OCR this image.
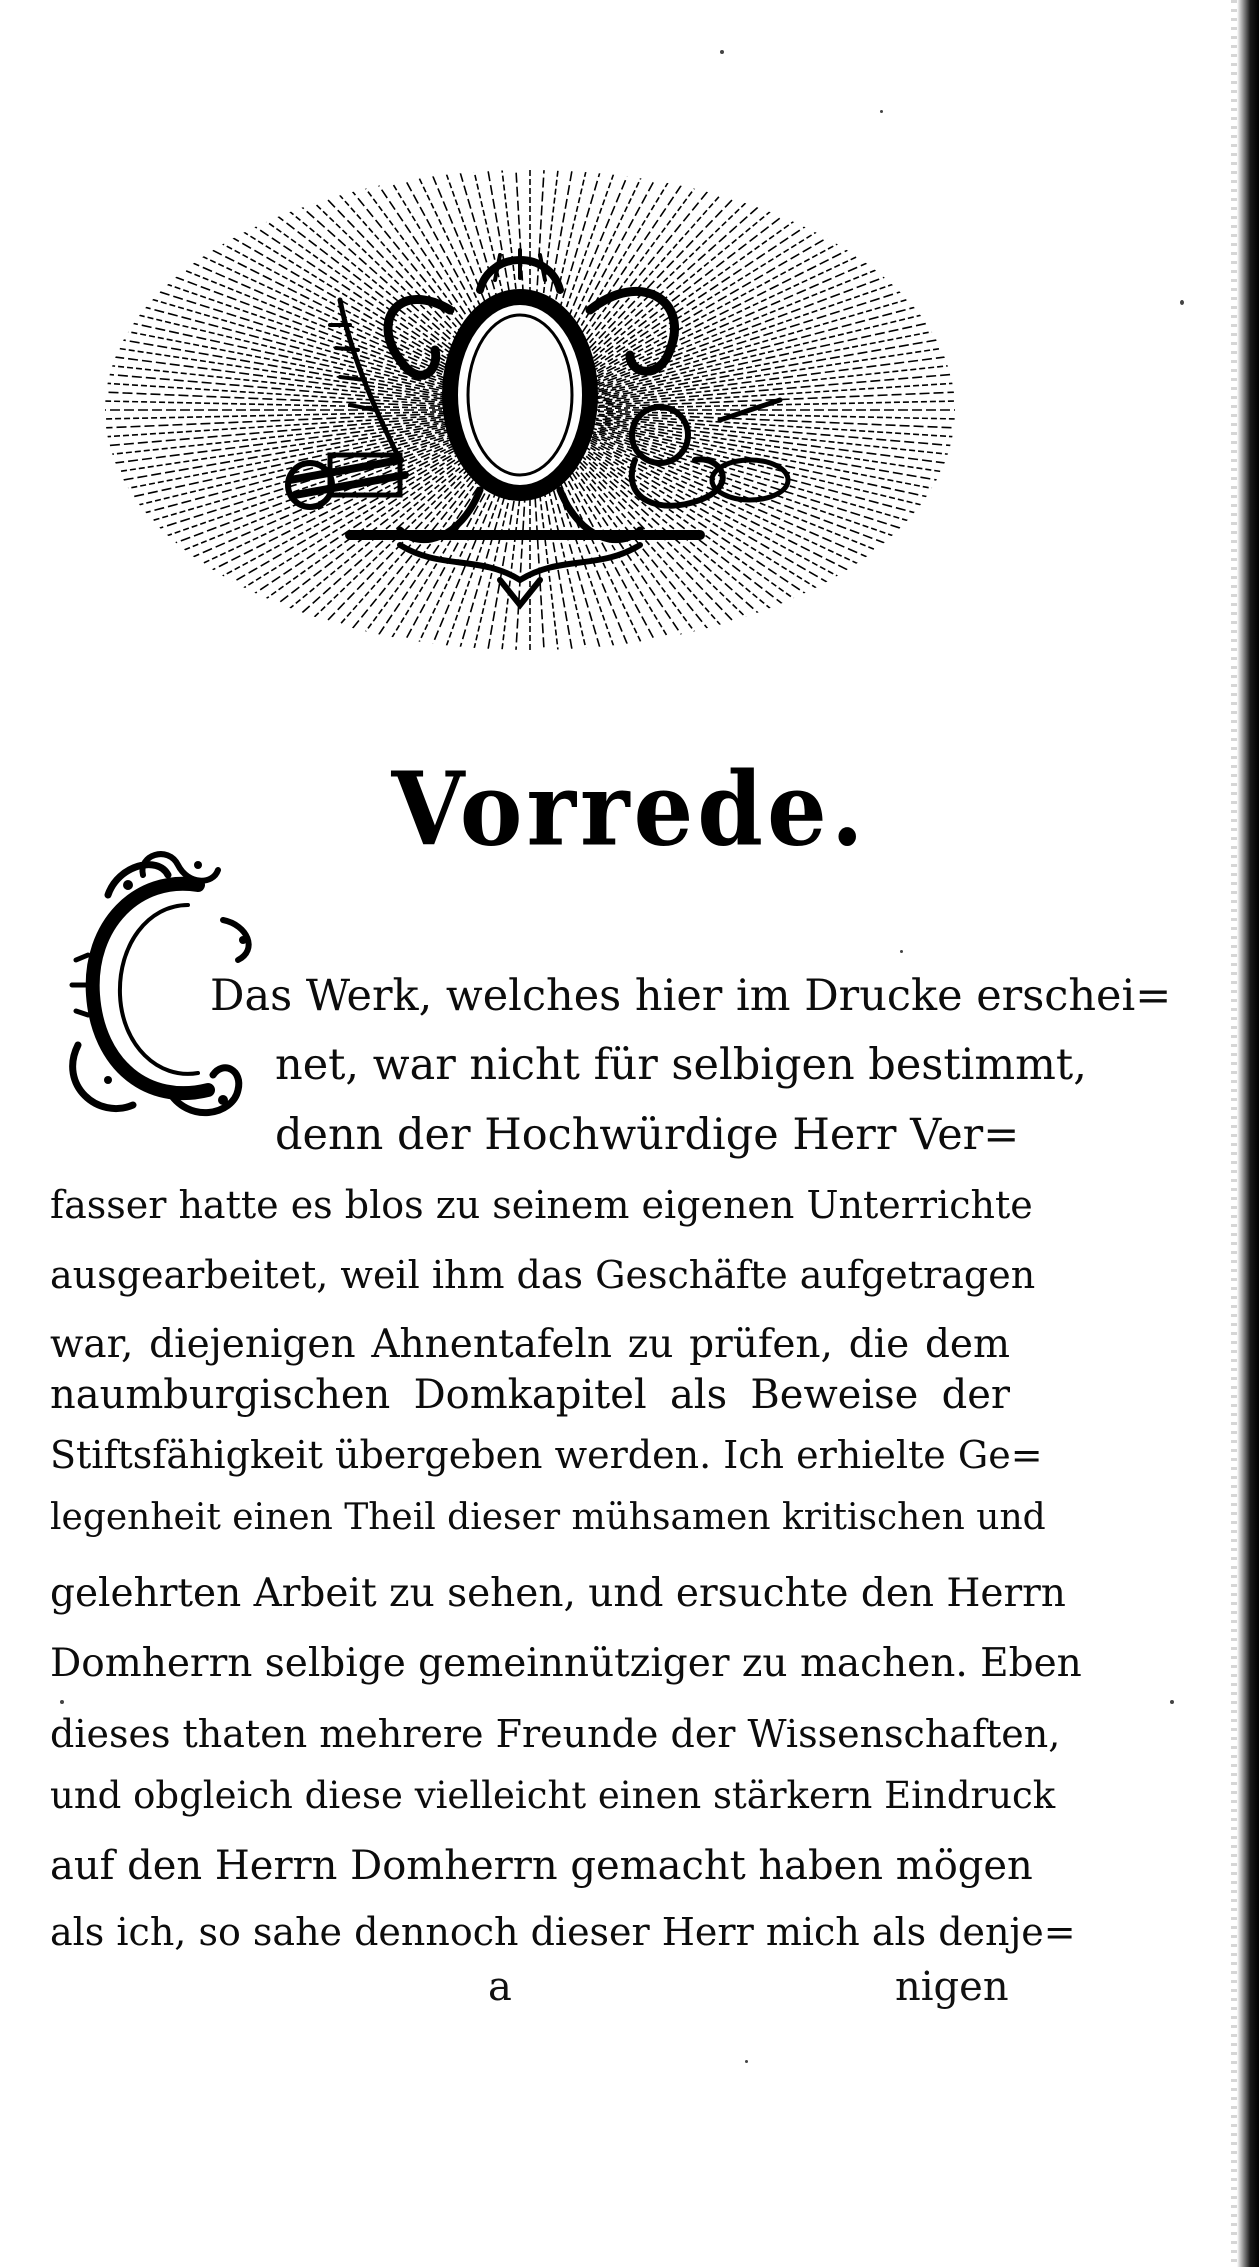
Vorrede.
Das Werk, welches hier im Drucke erschei=
net, war nicht für selbigen bestimmt,
denn der Hochwürdige Herr Ver=
fasser hatte es blos zu seinem eigenen Unterrichte
ausgearbeitet, weil ihm das Geschäfte aufgetragen
war, diejenigen Ahnentafeln zu prüfen, die dem
naumburgischen Domkapitel als Beweise der
Stiftsfähigkeit übergeben werden. Ich erhielte Ge=
legenheit einen Theil dieser mühsamen kritischen und
gelehrten Arbeit zu sehen, und ersuchte den Herrn
Domherrn selbige gemeinnütziger zu machen. Eben
dieses thaten mehrere Freunde der Wissenschaften,
und obgleich diese vielleicht einen stärkern Eindruck
auf den Herrn Domherrn gemacht haben mögen
als ich, so sahe dennoch dieser Herr mich als denje=
a	nigen
